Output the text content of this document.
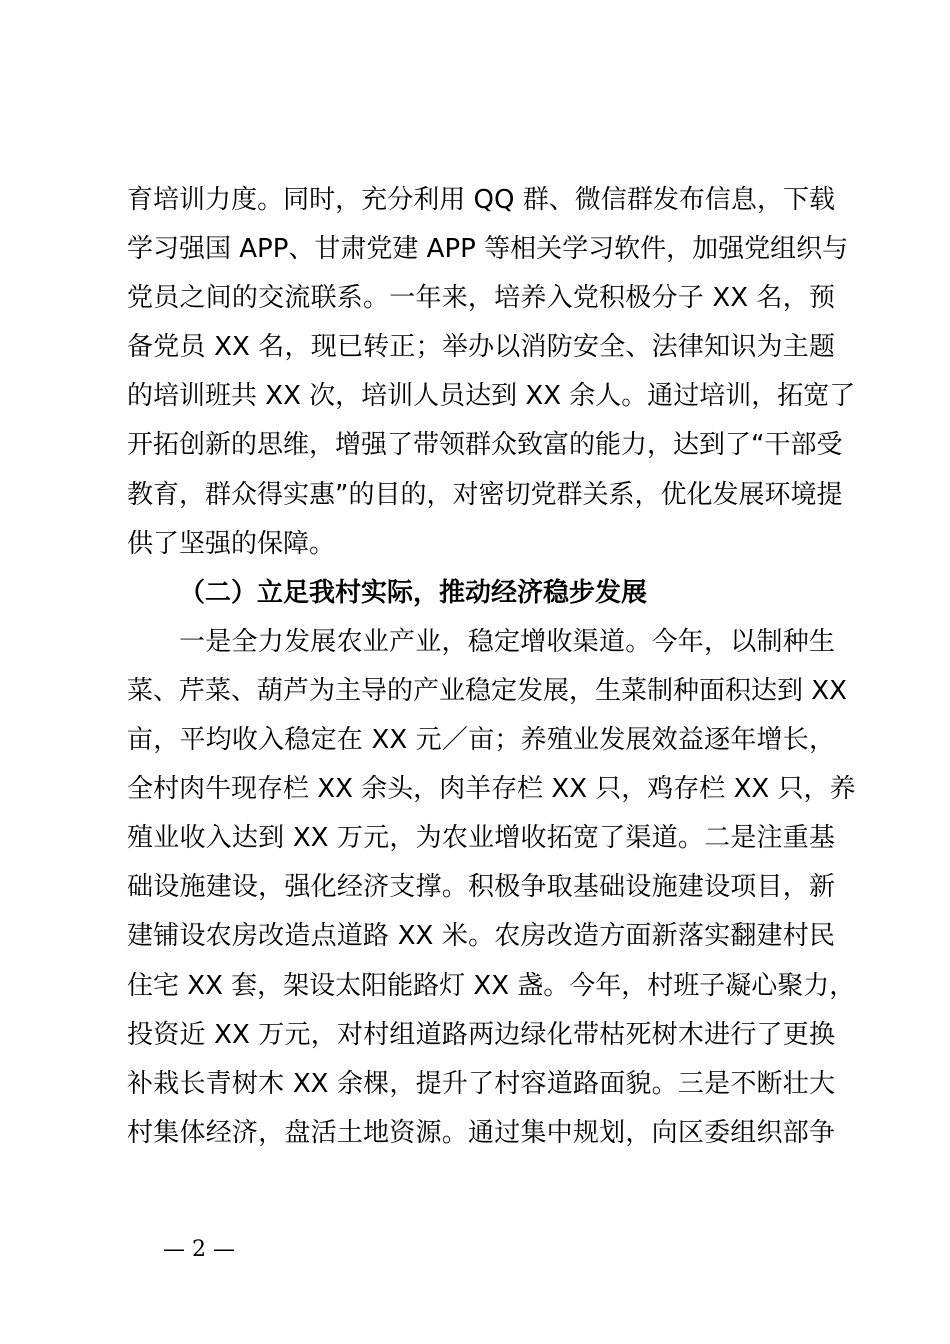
育培训力度。同时，充分利用 QQ 群、微信群发布信息，下载
学习强国 APP、甘肃党建 APP 等相关学习软件，加强党组织与
党员之间的交流联系。一年来，培养入党积极分子 XX 名，预
备党员 XX 名，现已转正；举办以消防安全、法律知识为主题
的培训班共 XX 次，培训人员达到 XX 余人。通过培训，拓宽了
开拓创新的思维，增强了带领群众致富的能力，达到了“干部受
教育，群众得实惠”的目的，对密切党群关系，优化发展环境提
供了坚强的保障。
（二）立足我村实际，推动经济稳步发展
一是全力发展农业产业，稳定增收渠道。今年，以制种生
菜、芹菜、葫芦为主导的产业稳定发展，生菜制种面积达到 XX
亩，平均收入稳定在 XX 元／亩；养殖业发展效益逐年增长，
全村肉牛现存栏 XX 余头，肉羊存栏 XX 只，鸡存栏 XX 只，养
殖业收入达到 XX 万元，为农业增收拓宽了渠道。二是注重基
础设施建设，强化经济支撑。积极争取基础设施建设项目，新
建铺设农房改造点道路 XX 米。农房改造方面新落实翻建村民
住宅 XX 套，架设太阳能路灯 XX 盏。今年，村班子凝心聚力，
投资近 XX 万元，对村组道路两边绿化带枯死树木进行了更换
补栽长青树木 XX 余棵，提升了村容道路面貌。三是不断壮大
村集体经济，盘活土地资源。通过集中规划，向区委组织部争
— 2 —
